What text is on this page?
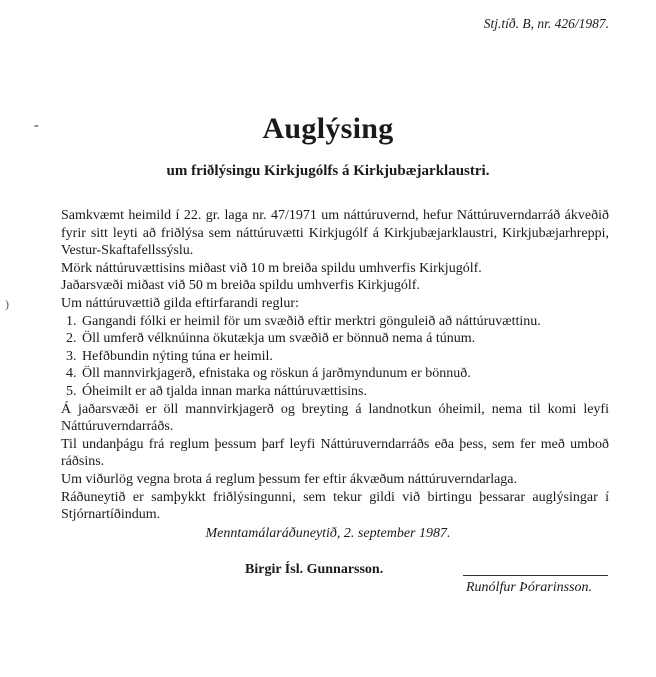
Stj.tíð. B, nr. 426/1987.
-
)
Auglýsing
um friðlýsingu Kirkjugólfs á Kirkjubæjarklaustri.

Samkvæmt heimild í 22. gr. laga nr. 47/1971 um náttúruvernd, hefur Náttúruverndarráð ákveðið fyrir sitt leyti að friðlýsa sem náttúruvætti Kirkjugólf á Kirkjubæjarklaustri, Kirkjubæjarhreppi, Vestur-Skaftafellssýslu.

Mörk náttúruvættisins miðast við 10 m breiða spildu umhverfis Kirkjugólf.

Jaðarsvæði miðast við 50 m breiða spildu umhverfis Kirkjugólf.

Um náttúruvættið gilda eftirfarandi reglur:

1. Gangandi fólki er heimil för um svæðið eftir merktri gönguleið að náttúruvættinu.
2. Öll umferð vélknúinna ökutækja um svæðið er bönnuð nema á túnum.
3. Hefðbundin nýting túna er heimil.
4. Öll mannvirkjagerð, efnistaka og röskun á jarðmyndunum er bönnuð.
5. Óheimilt er að tjalda innan marka náttúruvættisins.

Á jaðarsvæði er öll mannvirkjagerð og breyting á landnotkun óheimil, nema til komi leyfi Náttúruverndarráðs.

Til undanþágu frá reglum þessum þarf leyfi Náttúruverndarráðs eða þess, sem fer með umboð ráðsins.

Um viðurlög vegna brota á reglum þessum fer eftir ákvæðum náttúruverndarlaga.

Ráðuneytið er samþykkt friðlýsingunni, sem tekur gildi við birtingu þessarar auglýsingar í Stjórnartíðindum.

Menntamálaráðuneytið, 2. september 1987.
Birgir Ísl. Gunnarsson.
Runólfur Þórarinsson.
